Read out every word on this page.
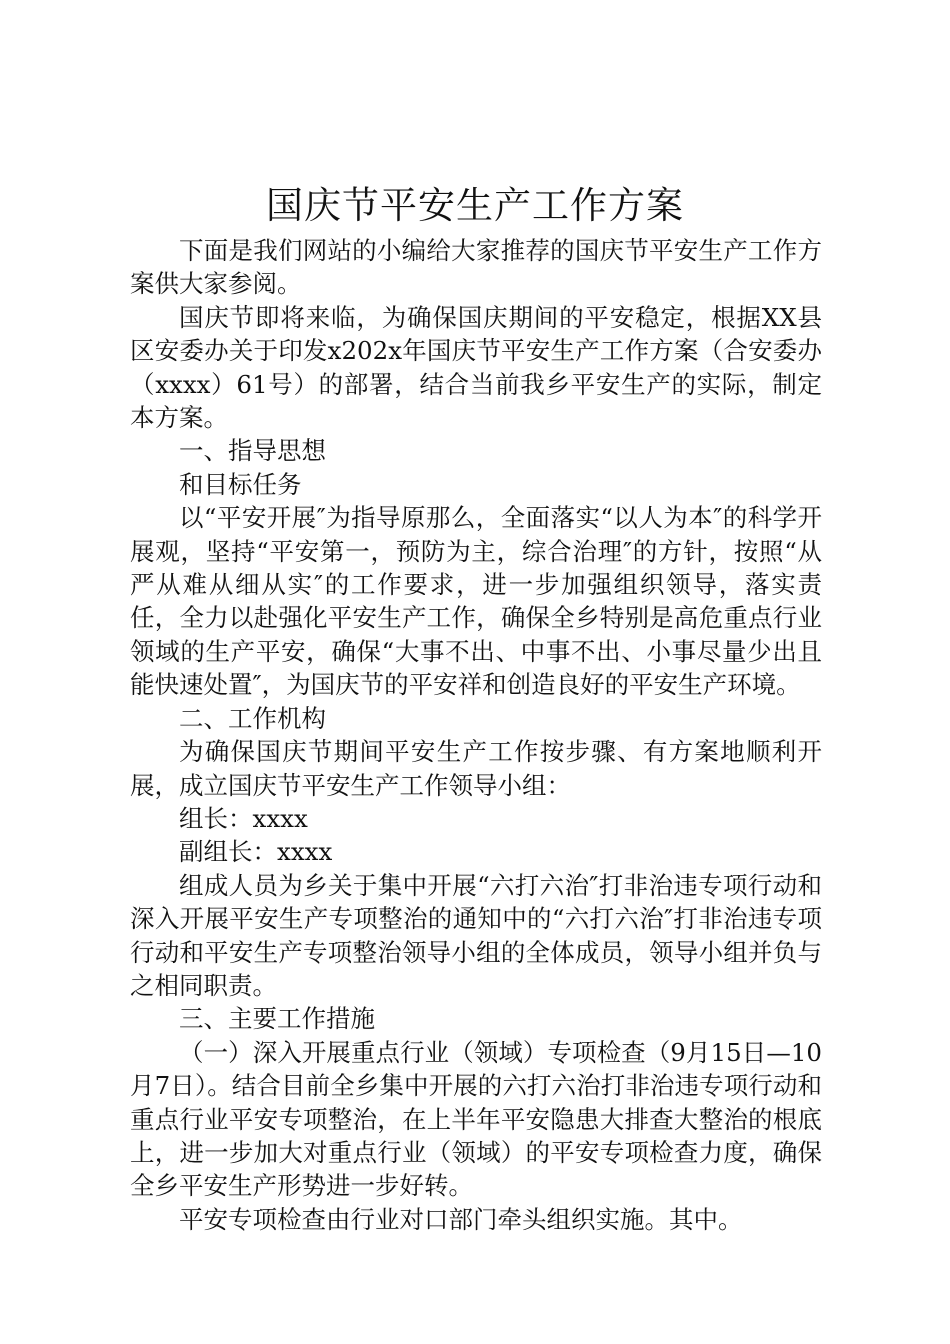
国庆节平安生产工作方案

下面是我们网站的小编给大家推荐的国庆节平安生产工作方案供大家参阅。

国庆节即将来临，为确保国庆期间的平安稳定，根据XX县区安委办关于印发x202x年国庆节平安生产工作方案（合安委办（xxxx）61号）的部署，结合当前我乡平安生产的实际，制定本方案。

一、指导思想

和目标任务

以“平安开展″为指导原那么，全面落实“以人为本″的科学开展观，坚持“平安第一，预防为主，综合治理″的方针，按照“从严从难从细从实″的工作要求，进一步加强组织领导，落实责任，全力以赴强化平安生产工作，确保全乡特别是高危重点行业领域的生产平安，确保“大事不出、中事不出、小事尽量少出且能快速处置″，为国庆节的平安祥和创造良好的平安生产环境。

二、工作机构

为确保国庆节期间平安生产工作按步骤、有方案地顺利开展，成立国庆节平安生产工作领导小组：

组长：xxxx

副组长：xxxx

组成人员为乡关于集中开展“六打六治″打非治违专项行动和深入开展平安生产专项整治的通知中的“六打六治″打非治违专项行动和平安生产专项整治领导小组的全体成员，领导小组并负与之相同职责。

三、主要工作措施

（一）深入开展重点行业（领域）专项检查（9月15日—10月7日）。结合目前全乡集中开展的六打六治打非治违专项行动和重点行业平安专项整治，在上半年平安隐患大排查大整治的根底上，进一步加大对重点行业（领域）的平安专项检查力度，确保全乡平安生产形势进一步好转。

平安专项检查由行业对口部门牵头组织实施。其中。
